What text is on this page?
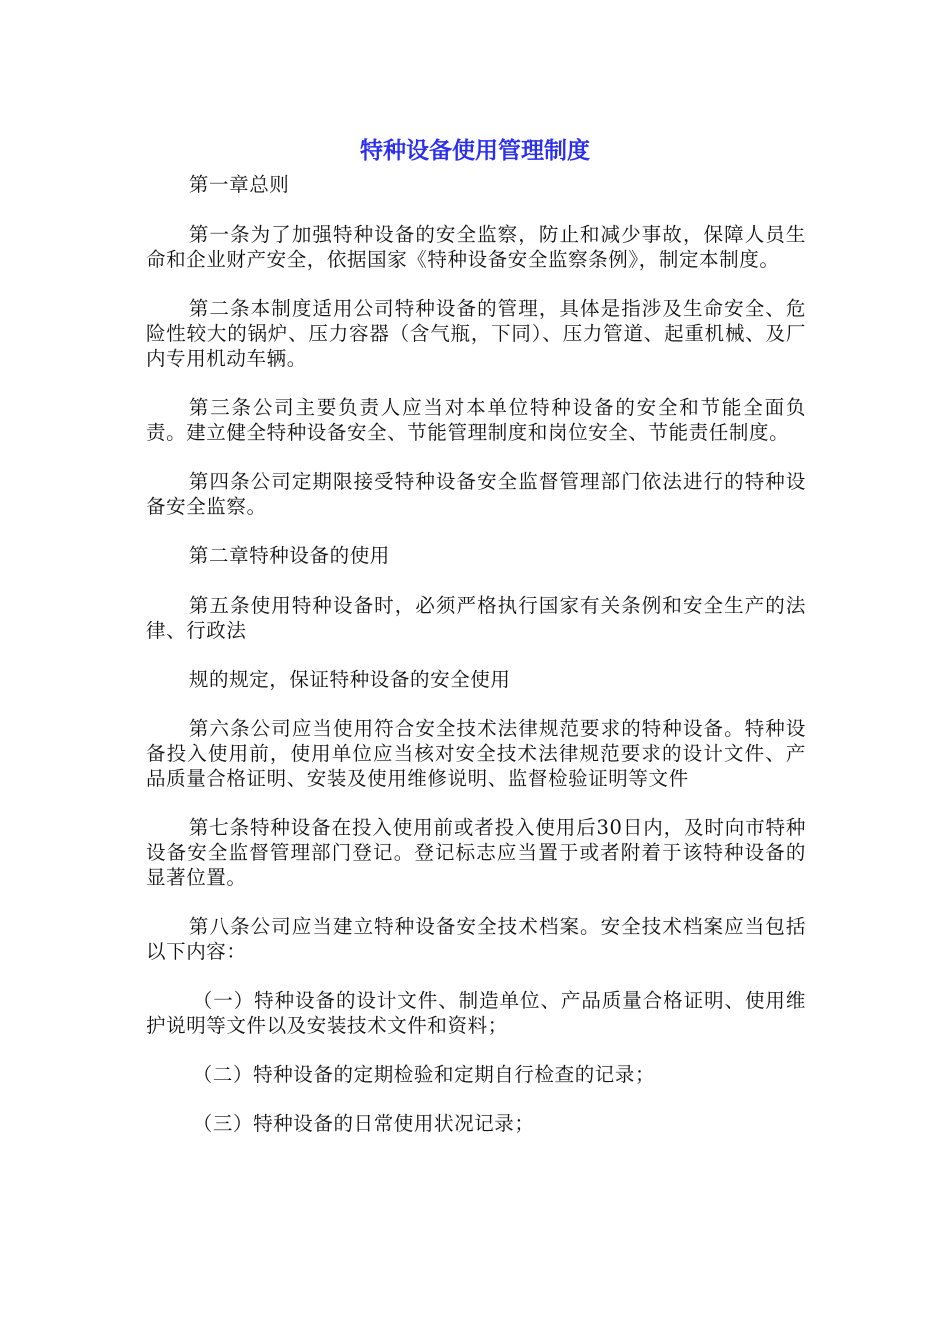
特种设备使用管理制度

第一章总则

第一条为了加强特种设备的安全监察，防止和减少事故，保障人员生命和企业财产安全，依据国家《特种设备安全监察条例》，制定本制度。

第二条本制度适用公司特种设备的管理，具体是指涉及生命安全、危险性较大的锅炉、压力容器（含气瓶，下同）、压力管道、起重机械、及厂内专用机动车辆。

第三条公司主要负责人应当对本单位特种设备的安全和节能全面负责。建立健全特种设备安全、节能管理制度和岗位安全、节能责任制度。

第四条公司定期限接受特种设备安全监督管理部门依法进行的特种设备安全监察。

第二章特种设备的使用

第五条使用特种设备时，必须严格执行国家有关条例和安全生产的法律、行政法

规的规定，保证特种设备的安全使用

第六条公司应当使用符合安全技术法律规范要求的特种设备。特种设备投入使用前，使用单位应当核对安全技术法律规范要求的设计文件、产品质量合格证明、安装及使用维修说明、监督检验证明等文件

第七条特种设备在投入使用前或者投入使用后30日内，及时向市特种设备安全监督管理部门登记。登记标志应当置于或者附着于该特种设备的显著位置。

第八条公司应当建立特种设备安全技术档案。安全技术档案应当包括以下内容：

（一）特种设备的设计文件、制造单位、产品质量合格证明、使用维护说明等文件以及安装技术文件和资料；

（二）特种设备的定期检验和定期自行检查的记录；

（三）特种设备的日常使用状况记录；
